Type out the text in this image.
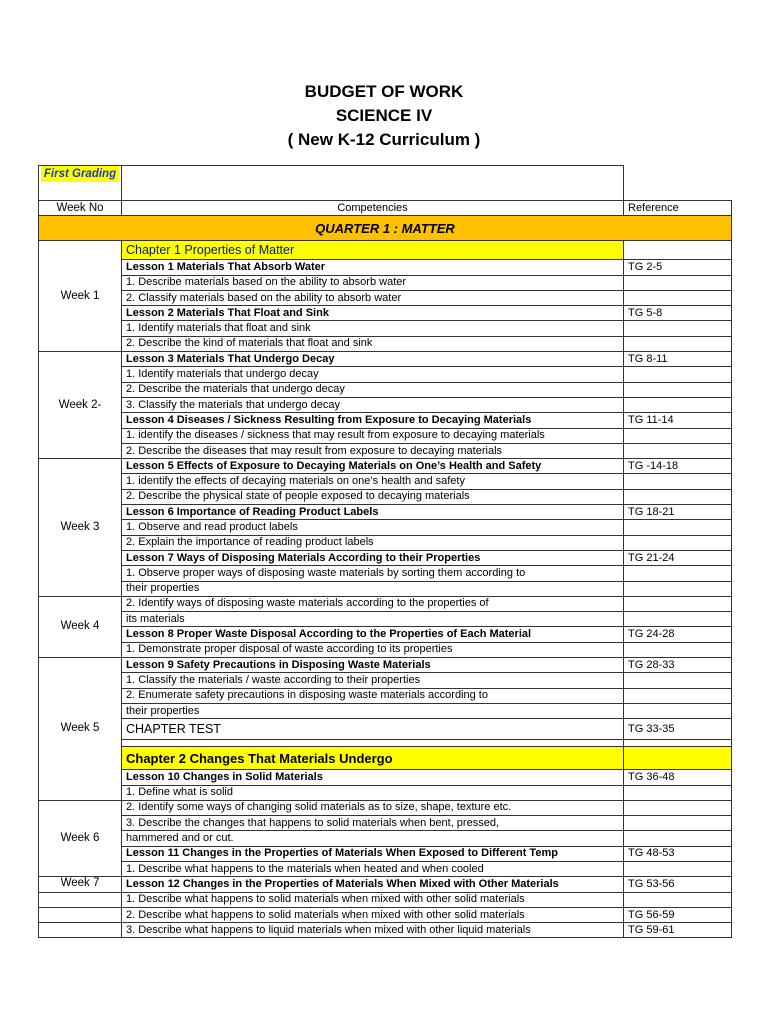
BUDGET OF WORK
SCIENCE IV
( New K-12 Curriculum )
First Grading		

Week No	Competencies	Reference
QUARTER 1 : MATTER		
Week 1	Chapter 1 Properties of Matter	
	Lesson 1 Materials That Absorb Water	TG 2-5
	1. Describe materials based on the ability to absorb water	
	2. Classify materials based on the ability to absorb water	
	Lesson 2 Materials That Float and Sink	TG 5-8
	1. Identify materials that float and sink	
	2. Describe the kind of materials that float and sink	
Week 2-	Lesson 3 Materials That Undergo Decay	TG 8-11
	1. Identify materials that undergo decay	
	2. Describe the materials that undergo decay	
	3. Classify the materials that undergo decay	
	Lesson 4 Diseases / Sickness Resulting from Exposure to Decaying Materials	TG 11-14
	1. identify the diseases / sickness that may result from exposure to decaying materials	
	2. Describe the diseases that may result from exposure to decaying materials	
Week 3	Lesson 5 Effects of Exposure to Decaying Materials on One’s Health and Safety	TG -14-18
	1. identify the effects of decaying materials on one’s health and safety	
	2. Describe the physical state of people exposed to decaying materials	
	Lesson 6 Importance of Reading Product Labels	TG 18-21
	1. Observe and read product labels	
	2. Explain the importance of reading product labels	
	Lesson 7 Ways of Disposing Materials According to their Properties	TG 21-24
	1. Observe proper ways of disposing waste materials by sorting them according to	
	their properties	
Week 4	2. Identify ways of disposing waste materials according to the properties of	
	its materials	
	Lesson 8 Proper Waste Disposal According to the Properties of Each Material	TG 24-28
	1. Demonstrate proper disposal of waste according to its properties	
Week 5	Lesson 9 Safety Precautions in Disposing Waste Materials	TG 28-33
	1. Classify the materials / waste according to their properties	
	2. Enumerate safety precautions in disposing waste materials according to	
	their properties	
	CHAPTER TEST	TG 33-35

	Chapter 2 Changes That Materials Undergo	
	Lesson 10 Changes in Solid Materials	TG 36-48
	1. Define what is solid	
Week 6	2. Identify some ways of changing solid materials as to size, shape, texture etc.	
	3. Describe the changes that happens to solid materials when bent, pressed,	
	hammered and or cut.	
	Lesson 11 Changes in the Properties of Materials When Exposed to Different Temp	TG 48-53
	1. Describe what happens to the materials when heated and when cooled	
Week 7	Lesson 12 Changes in the Properties of Materials When Mixed with Other Materials	TG 53-56
	1. Describe what happens to solid materials when mixed with other solid materials	
	2. Describe what happens to solid materials when mixed with other solid materials	TG 56-59
	3. Describe what happens to liquid materials when mixed with other liquid materials	TG 59-61
